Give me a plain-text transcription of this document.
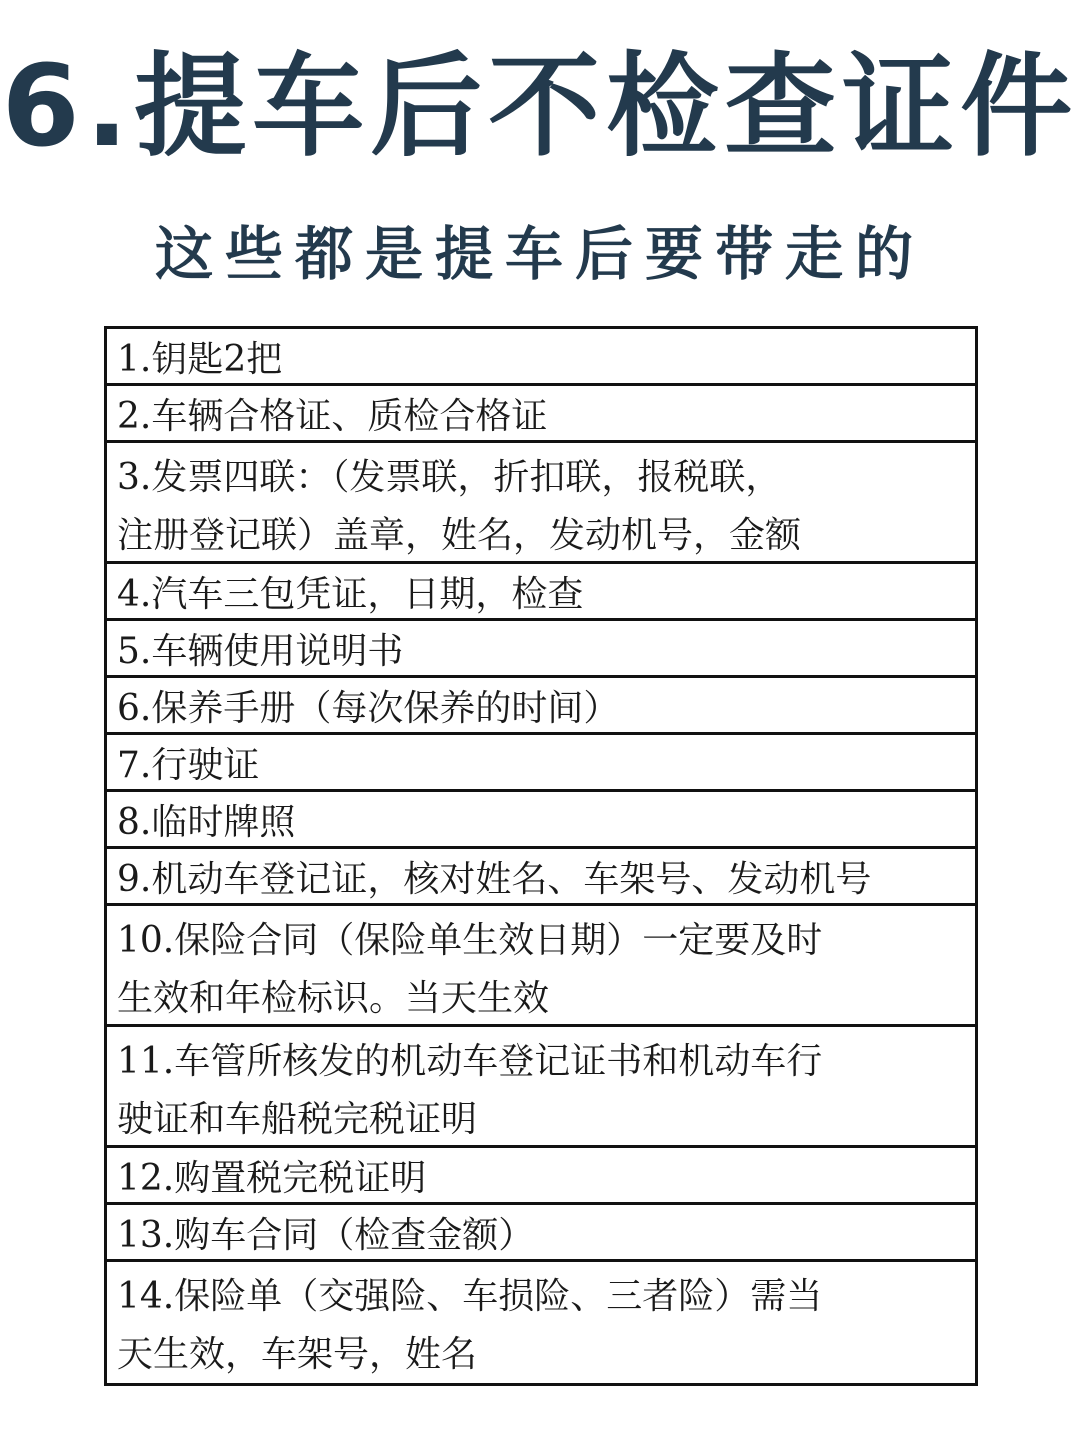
6.提车后不检查证件
这些都是提车后要带走的
1.钥匙2把
2.车辆合格证、质检合格证
3.发票四联：（发票联，折扣联，报税联，
注册登记联）盖章，姓名，发动机号，金额
4.汽车三包凭证，日期，检查
5.车辆使用说明书
6.保养手册（每次保养的时间）
7.行驶证
8.临时牌照
9.机动车登记证，核对姓名、车架号、发动机号
10.保险合同（保险单生效日期）一定要及时
生效和年检标识。当天生效
11.车管所核发的机动车登记证书和机动车行
驶证和车船税完税证明
12.购置税完税证明
13.购车合同（检查金额）
14.保险单（交强险、车损险、三者险）需当
天生效，车架号，姓名
